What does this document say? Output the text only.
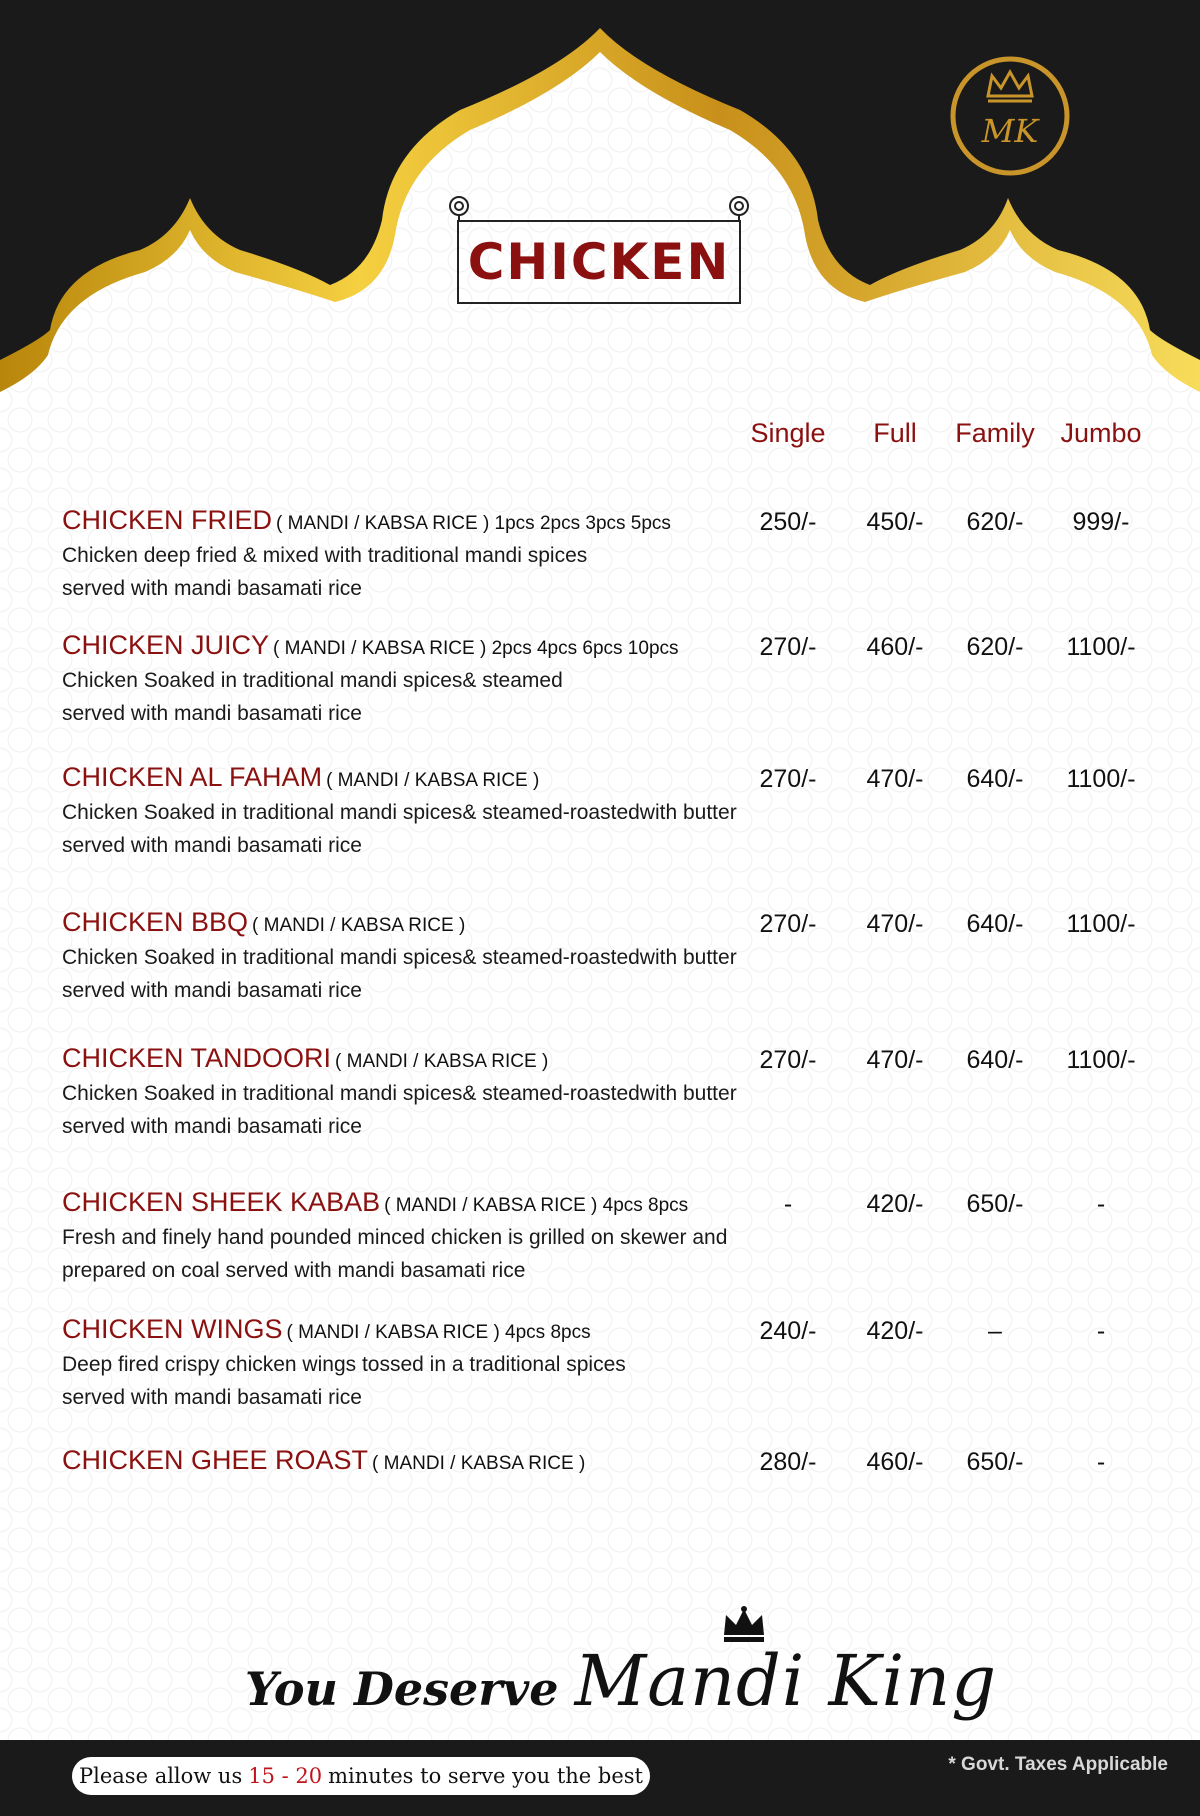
MK
CHICKEN
Single	Full	Family Jumbo
CHICKEN FRIED ( MANDI / KABSA RICE ) 1pcs 2pcs 3pcs 5pcs
Chicken deep fried & mixed with traditional mandi spices
served with mandi basamati rice
250/-	450/-	620/-	999/-
CHICKEN JUICY ( MANDI / KABSA RICE ) 2pcs 4pcs 6pcs 10pcs
Chicken Soaked in traditional mandi spices& steamed
served with mandi basamati rice
270/-	460/-	620/-	1100/-
CHICKEN AL FAHAM ( MANDI / KABSA RICE )
Chicken Soaked in traditional mandi spices& steamed-roastedwith butter
served with mandi basamati rice
270/-	470/-	640/-	1100/-
CHICKEN BBQ ( MANDI / KABSA RICE )
Chicken Soaked in traditional mandi spices& steamed-roastedwith butter
served with mandi basamati rice
270/-	470/-	640/-	1100/-
CHICKEN TANDOORI ( MANDI / KABSA RICE )
Chicken Soaked in traditional mandi spices& steamed-roastedwith butter
served with mandi basamati rice
270/-	470/-	640/-	1100/-
CHICKEN SHEEK KABAB ( MANDI / KABSA RICE ) 4pcs 8pcs
Fresh and finely hand pounded minced chicken is grilled on skewer and
prepared on coal served with mandi basamati rice
-	420/-	650/-	-
CHICKEN WINGS ( MANDI / KABSA RICE ) 4pcs 8pcs
Deep fired crispy chicken wings tossed in a traditional spices
served with mandi basamati rice
240/-	420/-	–	-
CHICKEN GHEE ROAST ( MANDI / KABSA RICE )	280/-	460/-	650/-	-
You Deserve Mandi King
Please allow us 15 - 20 minutes to serve you the best	* Govt. Taxes Applicable
